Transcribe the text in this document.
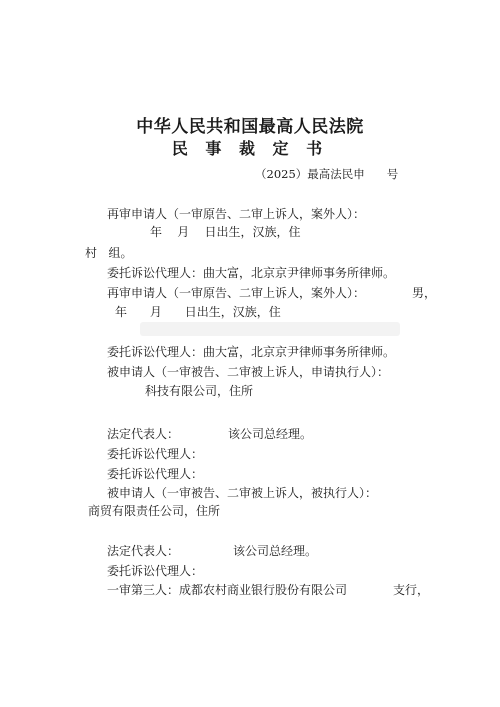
中华人民共和国最高人民法院
民 事 裁 定 书
（2025）最高法民申      号
再审申请人（一审原告、二审上诉人，案外人）：
年    月    日出生，汉族，住
村   组。
委托诉讼代理人：曲大富，北京京尹律师事务所律师。
再审申请人（一审原告、二审上诉人，案外人）：	男，
年      月      日出生，汉族，住
委托诉讼代理人：曲大富，北京京尹律师事务所律师。
被申请人（一审被告、二审被上诉人，申请执行人）：
科技有限公司，住所
法定代表人：	该公司总经理。
委托诉讼代理人：
委托诉讼代理人：
被申请人（一审被告、二审被上诉人，被执行人）：
商贸有限责任公司，住所
法定代表人：	该公司总经理。
委托诉讼代理人：
一审第三人：成都农村商业银行股份有限公司	支行，
